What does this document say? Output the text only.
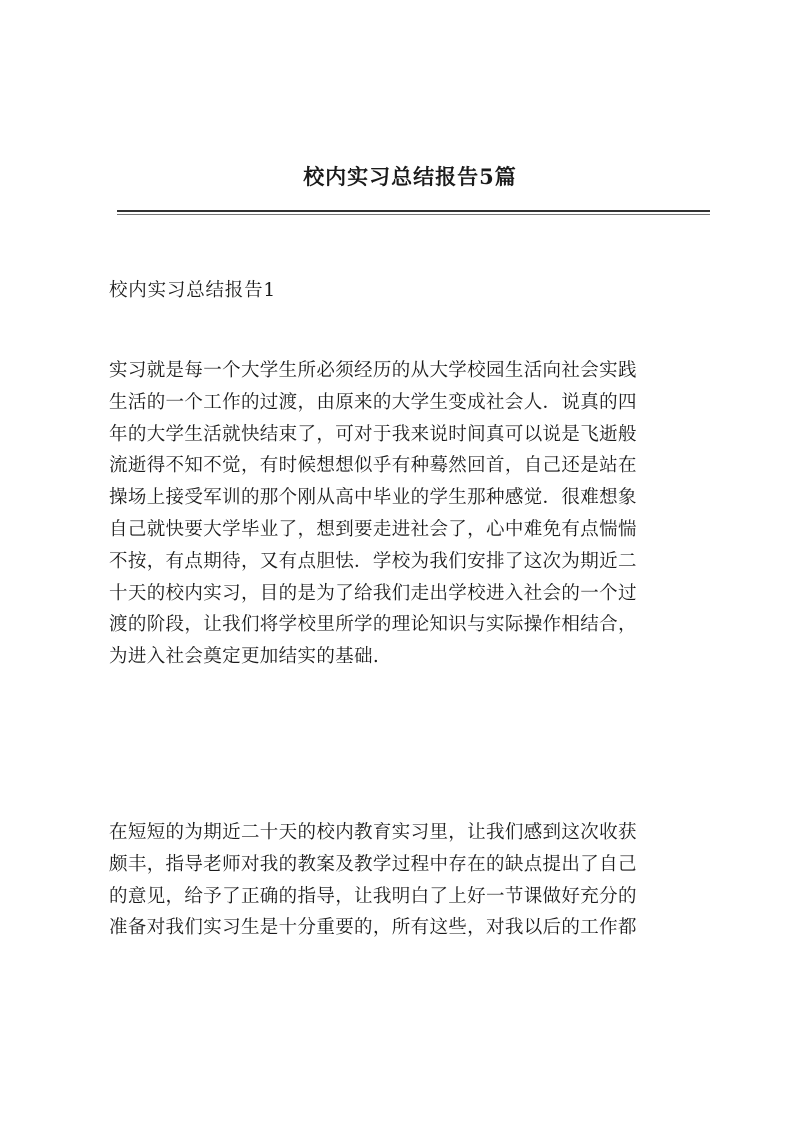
校内实习总结报告5篇
校内实习总结报告1
实习就是每一个大学生所必须经历的从大学校园生活向社会实践
生活的一个工作的过渡，由原来的大学生变成社会人．说真的四
年的大学生活就快结束了，可对于我来说时间真可以说是飞逝般
流逝得不知不觉，有时候想想似乎有种蓦然回首，自己还是站在
操场上接受军训的那个刚从高中毕业的学生那种感觉．很难想象
自己就快要大学毕业了，想到要走进社会了，心中难免有点惴惴
不按，有点期待，又有点胆怯．学校为我们安排了这次为期近二
十天的校内实习，目的是为了给我们走出学校进入社会的一个过
渡的阶段，让我们将学校里所学的理论知识与实际操作相结合，
为进入社会奠定更加结实的基础.
在短短的为期近二十天的校内教育实习里，让我们感到这次收获
颇丰，指导老师对我的教案及教学过程中存在的缺点提出了自己
的意见，给予了正确的指导，让我明白了上好一节课做好充分的
准备对我们实习生是十分重要的，所有这些，对我以后的工作都
